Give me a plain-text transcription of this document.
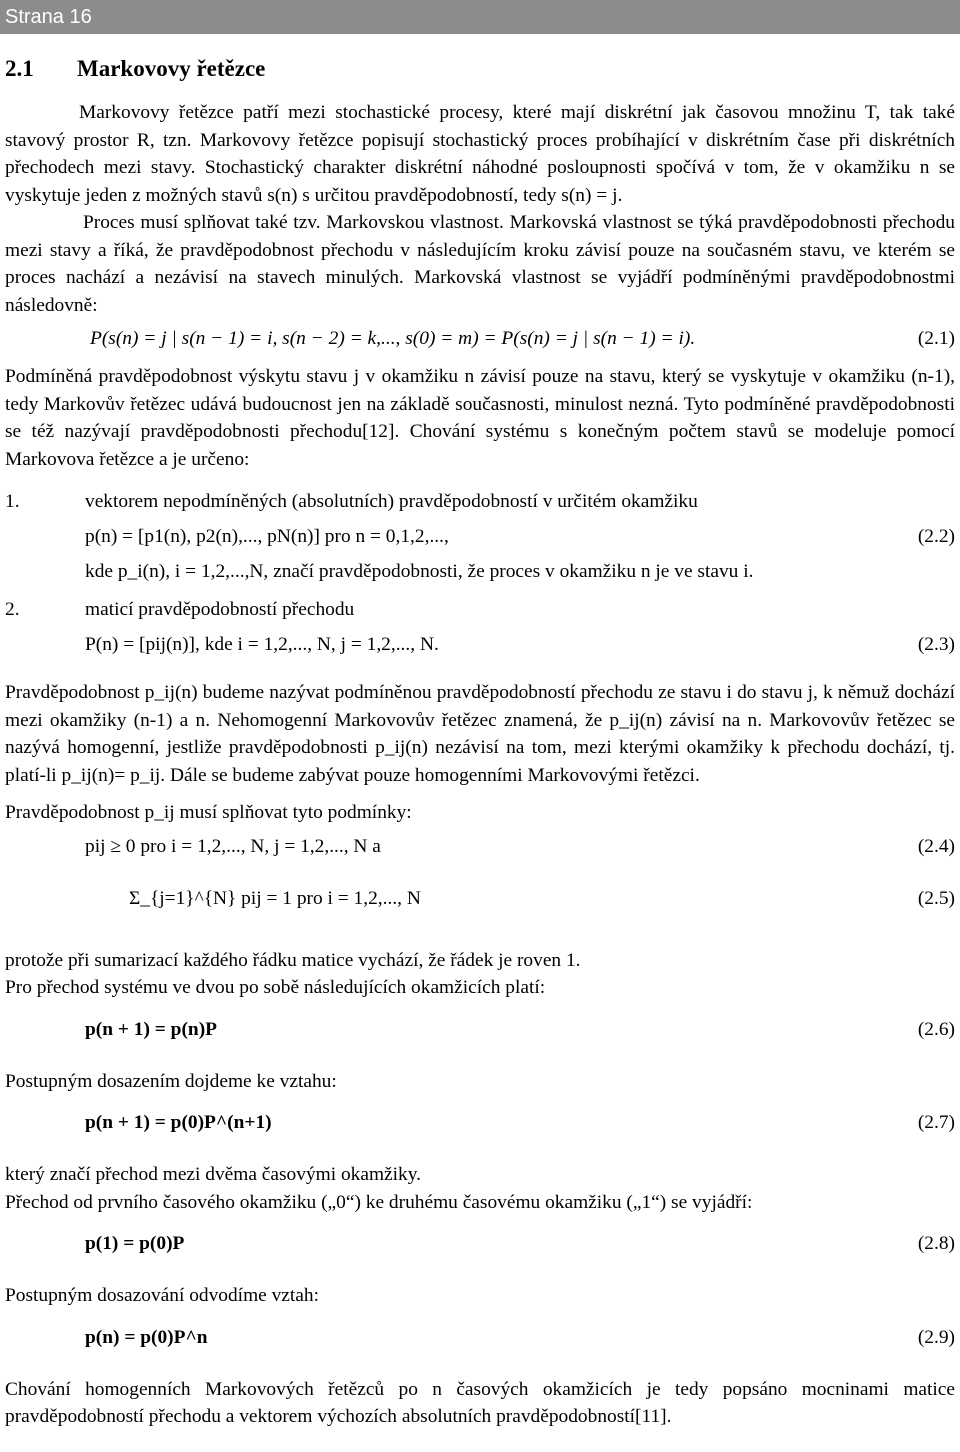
Strana 16
2.1 Markovovy řetězce

Markovovy řetězce patří mezi stochastické procesy, které mají diskrétní jak časovou množinu T, tak také stavový prostor R, tzn. Markovovy řetězce popisují stochastický proces probíhající v diskrétním čase při diskrétních přechodech mezi stavy. Stochastický charakter diskrétní náhodné posloupnosti spočívá v tom, že v okamžiku n se vyskytuje jeden z možných stavů s(n) s určitou pravděpodobností, tedy s(n) = j.

Proces musí splňovat také tzv. Markovskou vlastnost. Markovská vlastnost se týká pravděpodobnosti přechodu mezi stavy a říká, že pravděpodobnost přechodu v následujícím kroku závisí pouze na současném stavu, ve kterém se proces nachází a nezávisí na stavech minulých. Markovská vlastnost se vyjádří podmíněnými pravděpodobnostmi následovně:

P(s(n) = j | s(n − 1) = i, s(n − 2) = k,..., s(0) = m) = P(s(n) = j | s(n − 1) = i).	(2.1)

Podmíněná pravděpodobnost výskytu stavu j v okamžiku n závisí pouze na stavu, který se vyskytuje v okamžiku (n-1), tedy Markovův řetězec udává budoucnost jen na základě současnosti, minulost nezná. Tyto podmíněné pravděpodobnosti se též nazývají pravděpodobnosti přechodu[12]. Chování systému s konečným počtem stavů se modeluje pomocí Markovova řetězce a je určeno:

1.	vektorem nepodmíněných (absolutních) pravděpodobností v určitém okamžiku
p(n) = [p1(n), p2(n),..., pN(n)] pro n = 0,1,2,...,	(2.2)
kde p_i(n), i = 1,2,...,N, značí pravděpodobnosti, že proces v okamžiku n je ve stavu i.
2.	maticí pravděpodobností přechodu
P(n) = [pij(n)], kde i = 1,2,..., N, j = 1,2,..., N.	(2.3)

Pravděpodobnost p_ij(n) budeme nazývat podmíněnou pravděpodobností přechodu ze stavu i do stavu j, k němuž dochází mezi okamžiky (n-1) a n. Nehomogenní Markovovův řetězec znamená, že p_ij(n) závisí na n. Markovovův řetězec se nazývá homogenní, jestliže pravděpodobnosti p_ij(n) nezávisí na tom, mezi kterými okamžiky k přechodu dochází, tj. platí-li p_ij(n)= p_ij. Dále se budeme zabývat pouze homogenními Markovovými řetězci.

Pravděpodobnost p_ij musí splňovat tyto podmínky:

pij ≥ 0 pro i = 1,2,..., N, j = 1,2,..., N a	(2.4)
Σ_{j=1}^{N} pij = 1 pro i = 1,2,..., N	(2.5)

protože při sumarizací každého řádku matice vychází, že řádek je roven 1.

Pro přechod systému ve dvou po sobě následujících okamžicích platí:

p(n + 1) = p(n)P	(2.6)

Postupným dosazením dojdeme ke vztahu:

p(n + 1) = p(0)P^(n+1)	(2.7)

který značí přechod mezi dvěma časovými okamžiky.

Přechod od prvního časového okamžiku („0“) ke druhému časovému okamžiku („1“) se vyjádří:

p(1) = p(0)P	(2.8)

Postupným dosazování odvodíme vztah:

p(n) = p(0)P^n	(2.9)

Chování homogenních Markovových řetězců po n časových okamžicích je tedy popsáno mocninami matice pravděpodobností přechodu a vektorem výchozích absolutních pravděpodobností[11].
